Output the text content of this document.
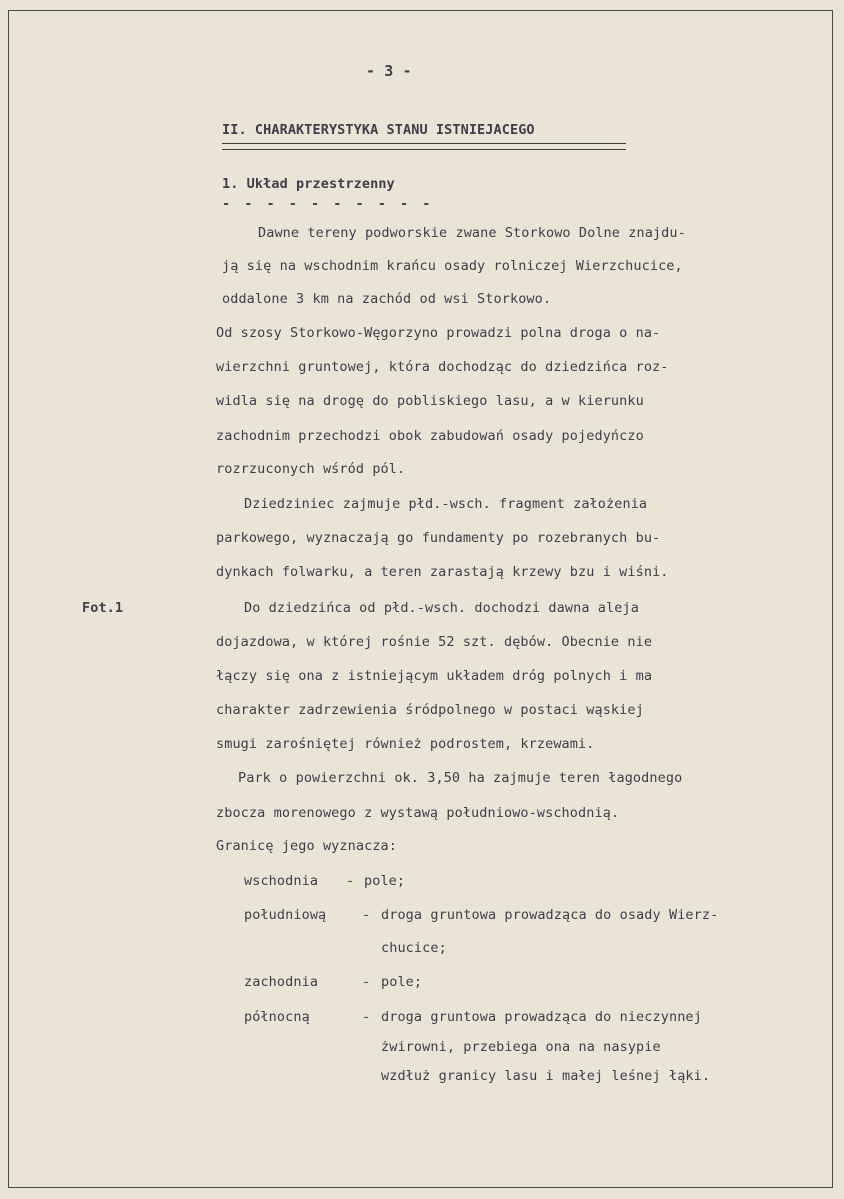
- 3 -
II. CHARAKTERYSTYKA STANU ISTNIEJACEGO
1. Układ przestrzenny
- - - - - - - - - -
Fot.1
Dawne tereny podworskie zwane Storkowo Dolne znajdu-
ją się na wschodnim krańcu osady rolniczej Wierzchucice,
oddalone 3 km na zachód od wsi Storkowo.
Od szosy Storkowo-Węgorzyno prowadzi polna droga o na-
wierzchni gruntowej, która dochodząc do dziedzińca roz-
widla się na drogę do pobliskiego lasu, a w kierunku
zachodnim przechodzi obok zabudowań osady pojedyńczo
rozrzuconych wśród pól.
Dziedziniec zajmuje płd.-wsch. fragment założenia
parkowego, wyznaczają go fundamenty po rozebranych bu-
dynkach folwarku, a teren zarastają krzewy bzu i wiśni.
Do dziedzińca od płd.-wsch. dochodzi dawna aleja
dojazdowa, w której rośnie 52 szt. dębów. Obecnie nie
łączy się ona z istniejącym układem dróg polnych i ma
charakter zadrzewienia śródpolnego w postaci wąskiej
smugi zarośniętej również podrostem, krzewami.
Park o powierzchni ok. 3,50 ha zajmuje teren łagodnego
zbocza morenowego z wystawą południowo-wschodnią.
Granicę jego wyznacza:
wschodnia - pole;
południową	- droga gruntowa prowadząca do osady Wierz-
chucice;
zachodnia	- pole;
północną	- droga gruntowa prowadząca do nieczynnej
żwirowni, przebiega ona na nasypie
wzdłuż granicy lasu i małej leśnej łąki.
